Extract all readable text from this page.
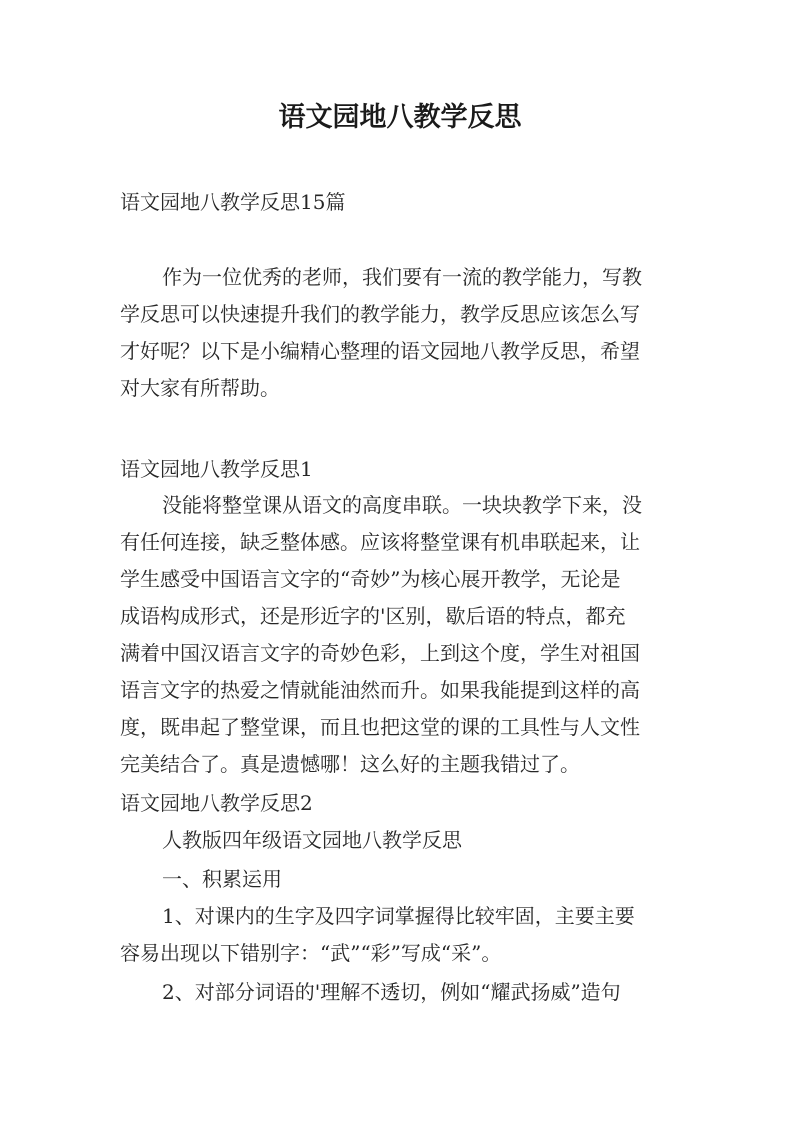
语文园地八教学反思
语文园地八教学反思15篇
作为一位优秀的老师，我们要有一流的教学能力，写教
学反思可以快速提升我们的教学能力，教学反思应该怎么写
才好呢？以下是小编精心整理的语文园地八教学反思，希望
对大家有所帮助。
语文园地八教学反思1
没能将整堂课从语文的高度串联。一块块教学下来，没
有任何连接，缺乏整体感。应该将整堂课有机串联起来，让
学生感受中国语言文字的“奇妙”为核心展开教学，无论是
成语构成形式，还是形近字的'区别，歇后语的特点，都充
满着中国汉语言文字的奇妙色彩，上到这个度，学生对祖国
语言文字的热爱之情就能油然而升。如果我能提到这样的高
度，既串起了整堂课，而且也把这堂的课的工具性与人文性
完美结合了。真是遗憾哪！这么好的主题我错过了。
语文园地八教学反思2
人教版四年级语文园地八教学反思
一、积累运用
1、对课内的生字及四字词掌握得比较牢固，主要主要
容易出现以下错别字：“武”“彩”写成“采”。
2、对部分词语的'理解不透切，例如“耀武扬威”造句
